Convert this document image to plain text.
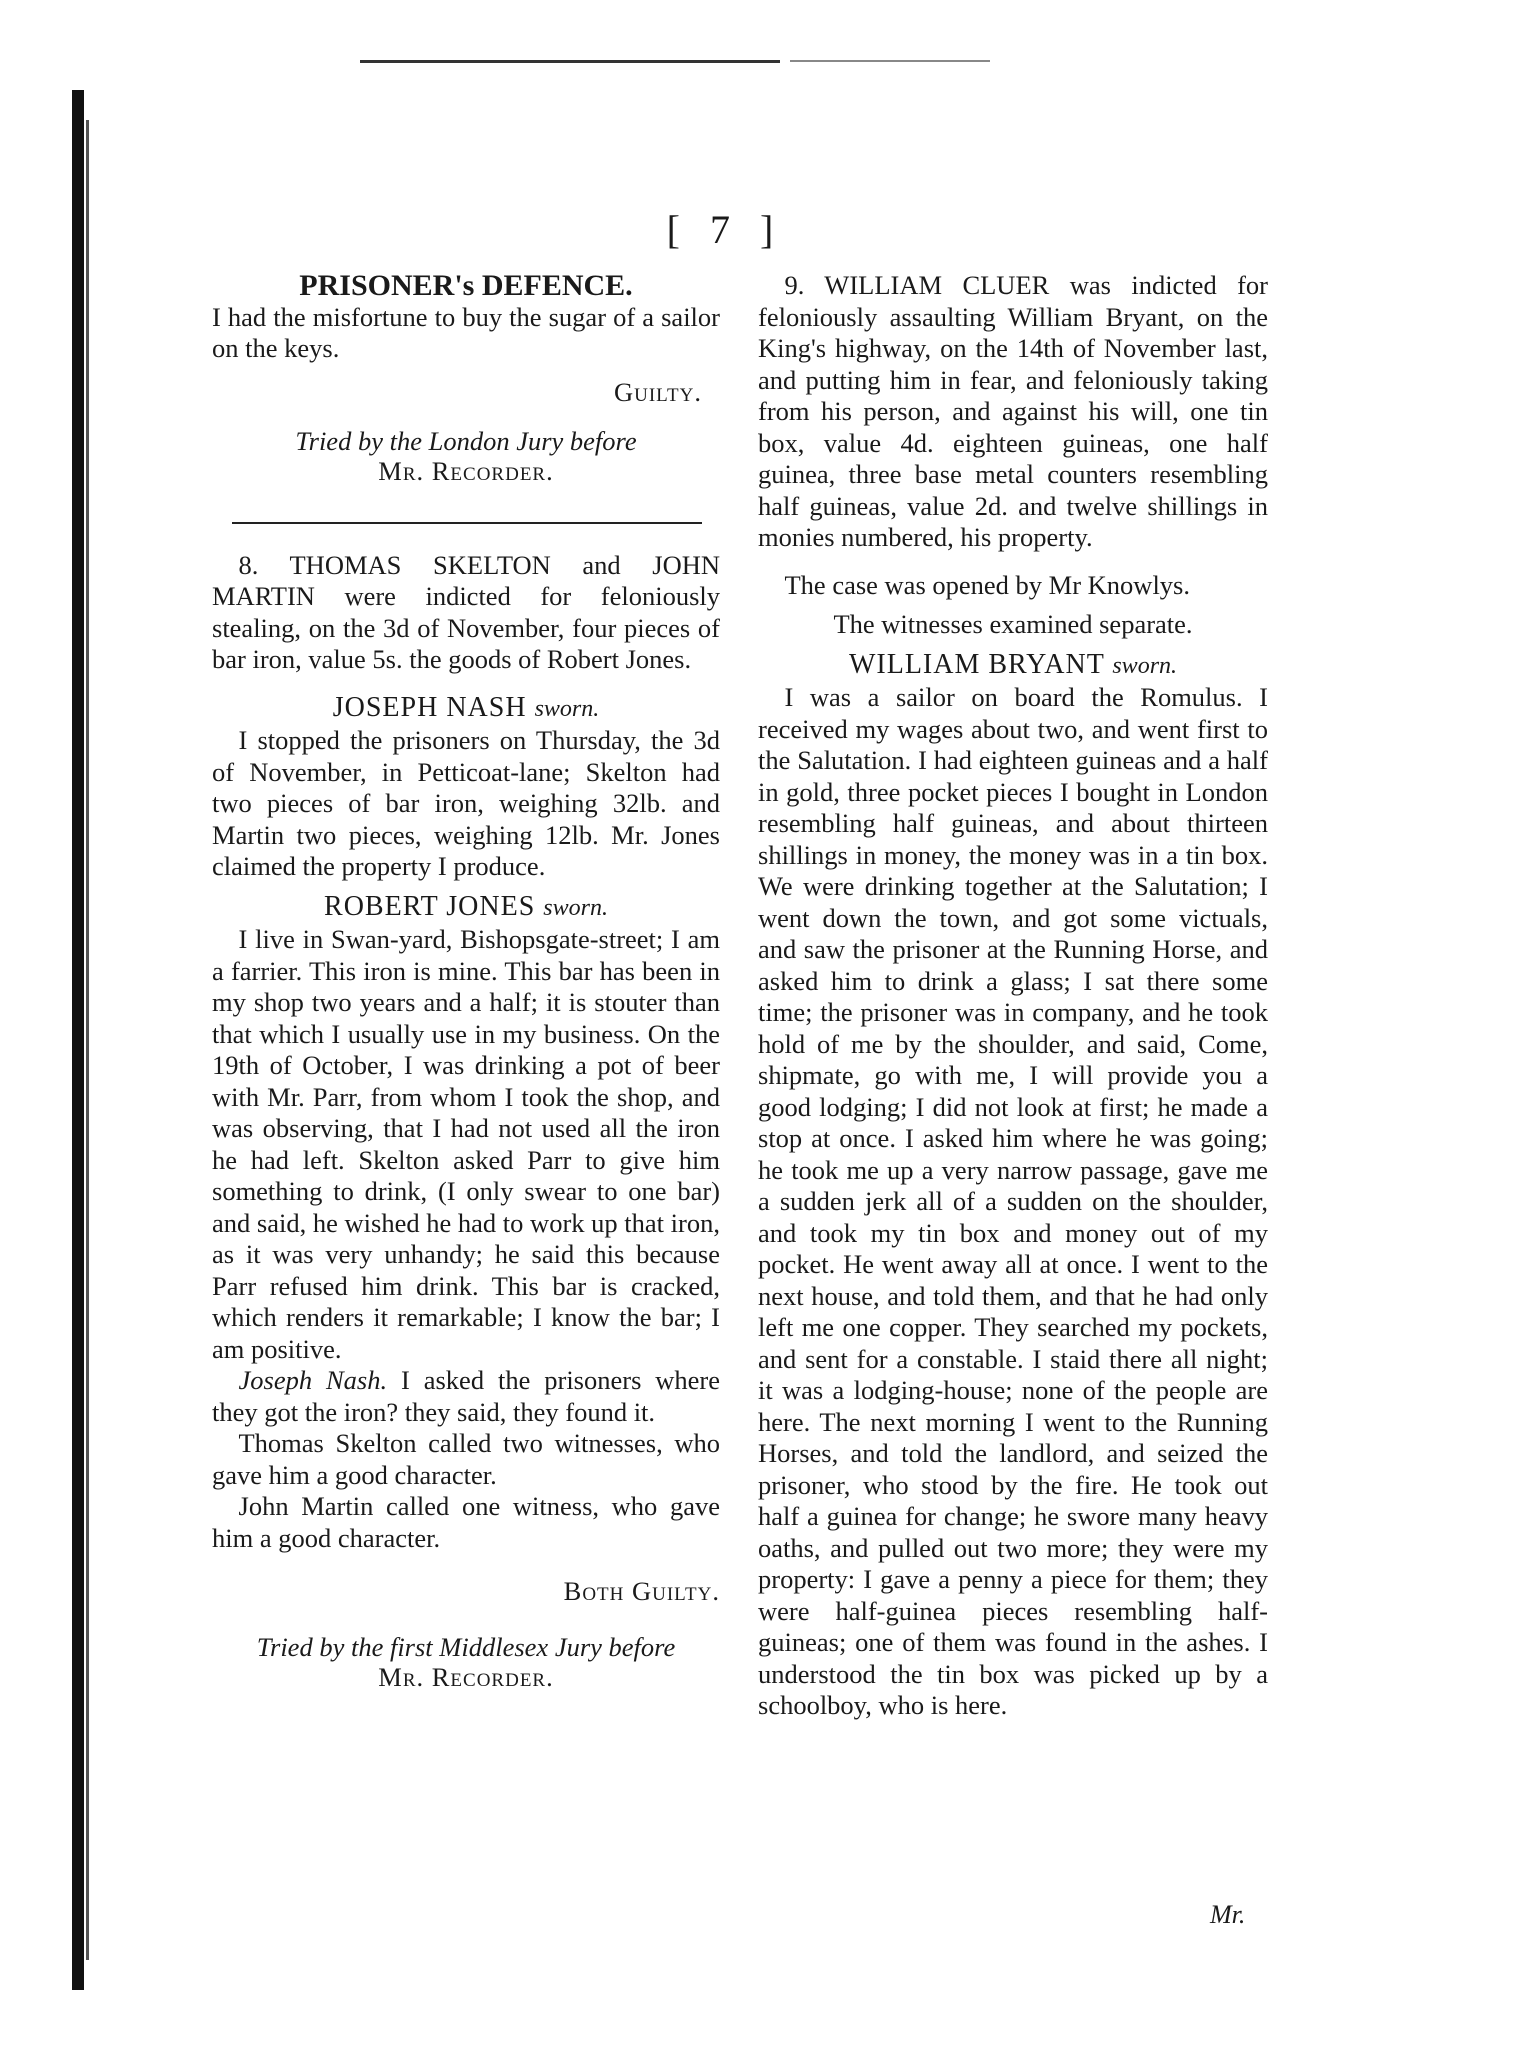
[ 7 ]

PRISONER's DEFENCE.

I had the misfortune to buy the sugar of a sailor on the keys.

Guilty.

Tried by the London Jury before

Mr. Recorder.

8. THOMAS SKELTON and JOHN MARTIN were indicted for feloniously stealing, on the 3d of November, four pieces of bar iron, value 5s. the goods of Robert Jones.

JOSEPH NASH sworn.

I stopped the prisoners on Thursday, the 3d of November, in Petticoat-lane; Skelton had two pieces of bar iron, weighing 32lb. and Martin two pieces, weighing 12lb. Mr. Jones claimed the property I produce.

ROBERT JONES sworn.

I live in Swan-yard, Bishopsgate-street; I am a farrier. This iron is mine. This bar has been in my shop two years and a half; it is stouter than that which I usually use in my business. On the 19th of October, I was drinking a pot of beer with Mr. Parr, from whom I took the shop, and was observing, that I had not used all the iron he had left. Skelton asked Parr to give him something to drink, (I only swear to one bar) and said, he wished he had to work up that iron, as it was very unhandy; he said this because Parr refused him drink. This bar is cracked, which renders it remarkable; I know the bar; I am positive.

Joseph Nash. I asked the prisoners where they got the iron? they said, they found it.

Thomas Skelton called two witnesses, who gave him a good character.

John Martin called one witness, who gave him a good character.

Both Guilty.

Tried by the first Middlesex Jury before

Mr. Recorder.

9. WILLIAM CLUER was indicted for feloniously assaulting William Bryant, on the King's highway, on the 14th of November last, and putting him in fear, and feloniously taking from his person, and against his will, one tin box, value 4d. eighteen guineas, one half guinea, three base metal counters resembling half guineas, value 2d. and twelve shillings in monies numbered, his property.

The case was opened by Mr Knowlys.

The witnesses examined separate.

WILLIAM BRYANT sworn.

I was a sailor on board the Romulus. I received my wages about two, and went first to the Salutation. I had eighteen guineas and a half in gold, three pocket pieces I bought in London resembling half guineas, and about thirteen shillings in money, the money was in a tin box. We were drinking together at the Salutation; I went down the town, and got some victuals, and saw the prisoner at the Running Horse, and asked him to drink a glass; I sat there some time; the prisoner was in company, and he took hold of me by the shoulder, and said, Come, shipmate, go with me, I will provide you a good lodging; I did not look at first; he made a stop at once. I asked him where he was going; he took me up a very narrow passage, gave me a sudden jerk all of a sudden on the shoulder, and took my tin box and money out of my pocket. He went away all at once. I went to the next house, and told them, and that he had only left me one copper. They searched my pockets, and sent for a constable. I staid there all night; it was a lodging-house; none of the people are here. The next morning I went to the Running Horses, and told the landlord, and seized the prisoner, who stood by the fire. He took out half a guinea for change; he swore many heavy oaths, and pulled out two more; they were my property: I gave a penny a piece for them; they were half-guinea pieces resembling half-guineas; one of them was found in the ashes. I understood the tin box was picked up by a schoolboy, who is here.

Mr.
